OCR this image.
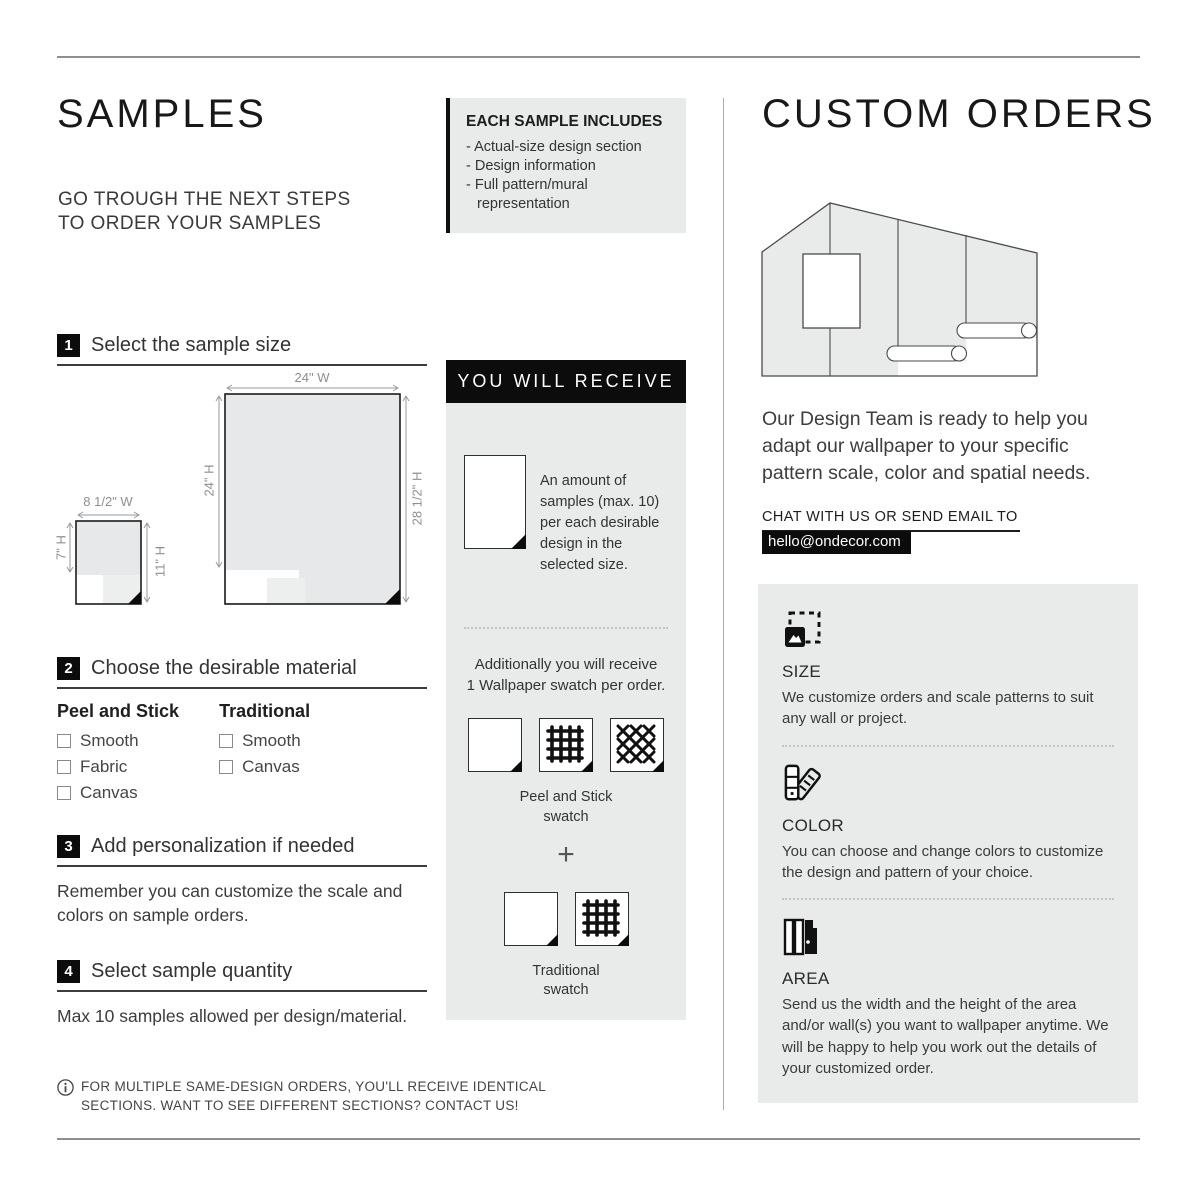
SAMPLES
GO TROUGH THE NEXT STEPS
TO ORDER YOUR SAMPLES
1 Select the sample size
8 1/2" W
7" H	11" H
24" W
24" H	28 1/2" H
2 Choose the desirable material
Peel and Stick
Smooth
Fabric
Canvas
Traditional
Smooth
Canvas
3 Add personalization if needed
Remember you can customize the scale and colors on sample orders.
4 Select sample quantity
Max 10 samples allowed per design/material.
FOR MULTIPLE SAME-DESIGN ORDERS, YOU'LL RECEIVE IDENTICAL
SECTIONS. WANT TO SEE DIFFERENT SECTIONS? CONTACT US!
EACH SAMPLE INCLUDES
- Actual-size design section
- Design information
- Full pattern/mural representation
YOU WILL RECEIVE
An amount of samples (max. 10) per each desirable design in the selected size.
Additionally you will receive
1 Wallpaper swatch per order.
Peel and Stick
swatch
+
Traditional
swatch
CUSTOM ORDERS
Our Design Team is ready to help you adapt our wallpaper to your specific pattern scale, color and spatial needs.
CHAT WITH US OR SEND EMAIL TO
hello@ondecor.com
SIZE
We customize orders and scale patterns to suit any wall or project.
COLOR
You can choose and change colors to customize the design and pattern of your choice.
AREA
Send us the width and the height of the area and/or wall(s) you want to wallpaper anytime. We will be happy to help you work out the details of your customized order.
